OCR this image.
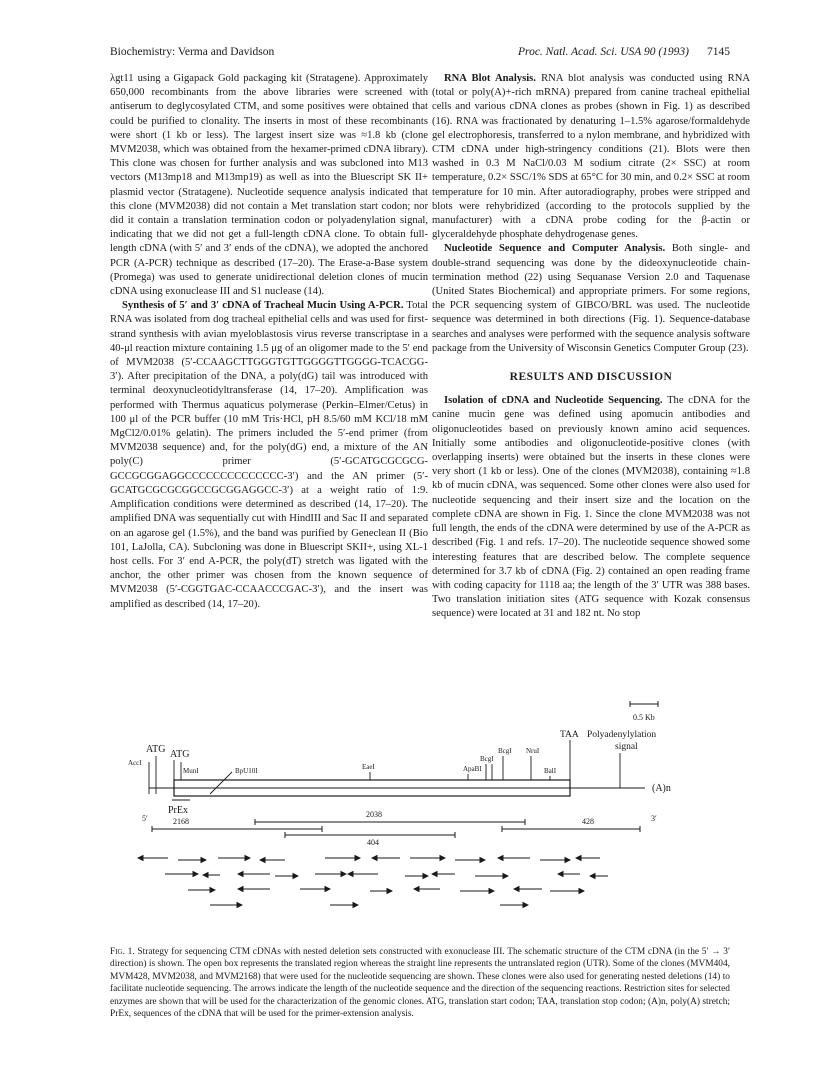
Biochemistry: Verma and Davidson	Proc. Natl. Acad. Sci. USA 90 (1993) 7145

λgt11 using a Gigapack Gold packaging kit (Stratagene). Approximately 650,000 recombinants from the above libraries were screened with antiserum to deglycosylated CTM, and some positives were obtained that could be purified to clonality. The inserts in most of these recombinants were short (1 kb or less). The largest insert size was ≈1.8 kb (clone MVM2038, which was obtained from the hexamer-primed cDNA library). This clone was chosen for further analysis and was subcloned into M13 vectors (M13mp18 and M13mp19) as well as into the Bluescript SK II+ plasmid vector (Stratagene). Nucleotide sequence analysis indicated that this clone (MVM2038) did not contain a Met translation start codon; nor did it contain a translation termination codon or polyadenylation signal, indicating that we did not get a full-length cDNA clone. To obtain full-length cDNA (with 5′ and 3′ ends of the cDNA), we adopted the anchored PCR (A-PCR) technique as described (17–20). The Erase-a-Base system (Promega) was used to generate unidirectional deletion clones of mucin cDNA using exonuclease III and S1 nuclease (14).

Synthesis of 5′ and 3′ cDNA of Tracheal Mucin Using A-PCR. Total RNA was isolated from dog tracheal epithelial cells and was used for first-strand synthesis with avian myeloblastosis virus reverse transcriptase in a 40-μl reaction mixture containing 1.5 μg of an oligomer made to the 5′ end of MVM2038 (5′-CCAAGCTTGGGTGTTGGGGTTGGGG-TCACGG-3′). After precipitation of the DNA, a poly(dG) tail was introduced with terminal deoxynucleotidyltransferase (14, 17–20). Amplification was performed with Thermus aquaticus polymerase (Perkin–Elmer/Cetus) in 100 μl of the PCR buffer (10 mM Tris·HCl, pH 8.5/60 mM KCl/18 mM MgCl2/0.01% gelatin). The primers included the 5′-end primer (from MVM2038 sequence) and, for the poly(dG) end, a mixture of the AN poly(C) primer (5′-GCATGCGCGCG-GCCGCGGAGGCCCCCCCCCCCCCC-3′) and the AN primer (5′-GCATGCGCGCGGCCGCGGAGGCC-3′) at a weight ratio of 1:9. Amplification conditions were determined as described (14, 17–20). The amplified DNA was sequentially cut with HindIII and Sac II and separated on an agarose gel (1.5%), and the band was purified by Geneclean II (Bio 101, LaJolla, CA). Subcloning was done in Bluescript SKII+, using XL-1 host cells. For 3′ end A-PCR, the poly(dT) stretch was ligated with the anchor, the other primer was chosen from the known sequence of MVM2038 (5′-CGGTGAC-CCAACCCGAC-3′), and the insert was amplified as described (14, 17–20).

RNA Blot Analysis. RNA blot analysis was conducted using RNA (total or poly(A)+-rich mRNA) prepared from canine tracheal epithelial cells and various cDNA clones as probes (shown in Fig. 1) as described (16). RNA was fractionated by denaturing 1–1.5% agarose/formaldehyde gel electrophoresis, transferred to a nylon membrane, and hybridized with CTM cDNA under high-stringency conditions (21). Blots were then washed in 0.3 M NaCl/0.03 M sodium citrate (2× SSC) at room temperature, 0.2× SSC/1% SDS at 65°C for 30 min, and 0.2× SSC at room temperature for 10 min. After autoradiography, probes were stripped and blots were rehybridized (according to the protocols supplied by the manufacturer) with a cDNA probe coding for the β-actin or glyceraldehyde phosphate dehydrogenase genes.

Nucleotide Sequence and Computer Analysis. Both single- and double-strand sequencing was done by the dideoxynucleotide chain-termination method (22) using Sequanase Version 2.0 and Taquenase (United States Biochemical) and appropriate primers. For some regions, the PCR sequencing system of GIBCO/BRL was used. The nucleotide sequence was determined in both directions (Fig. 1). Sequence-database searches and analyses were performed with the sequence analysis software package from the University of Wisconsin Genetics Computer Group (23).

RESULTS AND DISCUSSION

Isolation of cDNA and Nucleotide Sequencing. The cDNA for the canine mucin gene was defined using apomucin antibodies and oligonucleotides based on previously known amino acid sequences. Initially some antibodies and oligonucleotide-positive clones (with overlapping inserts) were obtained but the inserts in these clones were very short (1 kb or less). One of the clones (MVM2038), containing ≈1.8 kb of mucin cDNA, was sequenced. Some other clones were also used for nucleotide sequencing and their insert size and the location on the complete cDNA are shown in Fig. 1. Since the clone MVM2038 was not full length, the ends of the cDNA were determined by use of the A-PCR as described (Fig. 1 and refs. 17–20). The nucleotide sequence showed some interesting features that are described below. The complete sequence determined for 3.7 kb of cDNA (Fig. 2) contained an open reading frame with coding capacity for 1118 aa; the length of the 3′ UTR was 388 bases. Two translation initiation sites (ATG sequence with Kozak consensus sequence) were located at 31 and 182 nt. No stop

0.5 Kb
TAA Polyadenylylation
signal
ATG ATG
AccI
BcgI NruI
BcgI
EaeI	ApaBI
BpU10I
MunI	BalI
(A)n
PrEx
5′	3′
2038
2168	428
404
Fig. 1. Strategy for sequencing CTM cDNAs with nested deletion sets constructed with exonuclease III. The schematic structure of the CTM cDNA (in the 5′ → 3′ direction) is shown. The open box represents the translated region whereas the straight line represents the untranslated region (UTR). Some of the clones (MVM404, MVM428, MVM2038, and MVM2168) that were used for the nucleotide sequencing are shown. These clones were also used for generating nested deletions (14) to facilitate nucleotide sequencing. The arrows indicate the length of the nucleotide sequence and the direction of the sequencing reactions. Restriction sites for selected enzymes are shown that will be used for the characterization of the genomic clones. ATG, translation start codon; TAA, translation stop codon; (A)n, poly(A) stretch; PrEx, sequences of the cDNA that will be used for the primer-extension analysis.
